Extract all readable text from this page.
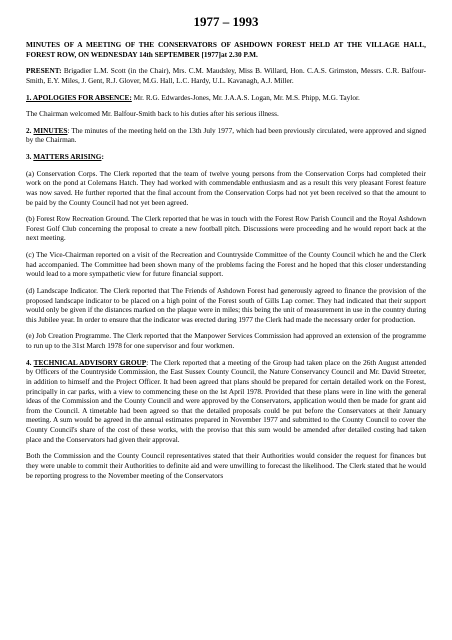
1977 – 1993

MINUTES OF A MEETING OF THE CONSERVATORS OF ASHDOWN FOREST HELD AT THE VILLAGE HALL, FOREST ROW, ON WEDNESDAY 14th SEPTEMBER [1977]at 2.30 P.M.

PRESENT: Brigadier L.M. Scott (in the Chair), Mrs. C.M. Maudsley, Miss B. Willard, Hon. C.A.S. Grimston, Messrs. C.R. Balfour-Smith, E.Y. Miles, J. Gent, R.J. Glover, M.G. Hall, L.C. Hardy, U.L. Kavanagh, A.J. Miller.

1. APOLOGIES FOR ABSENCE: Mr. R.G. Edwardes-Jones, Mr. J.A.A.S. Logan, Mr. M.S. Phipp, M.G. Taylor.

The Chairman welcomed Mr. Balfour-Smith back to his duties after his serious illness.

2. MINUTES: The minutes of the meeting held on the 13th July 1977, which had been previously circulated, were approved and signed by the Chairman.

3. MATTERS ARISING:

(a) Conservation Corps. The Clerk reported that the team of twelve young persons from the Conservation Corps had completed their work on the pond at Colemans Hatch. They had worked with commendable enthusiasm and as a result this very pleasant Forest feature was now saved. He further reported that the final account from the Conservation Corps had not yet been received so that the amount to be paid by the County Council had not yet been agreed.

(b) Forest Row Recreation Ground. The Clerk reported that he was in touch with the Forest Row Parish Council and the Royal Ashdown Forest Golf Club concerning the proposal to create a new football pitch. Discussions were proceeding and he would report back at the next meeting.

(c) The Vice-Chairman reported on a visit of the Recreation and Countryside Committee of the County Council which he and the Clerk had accompanied. The Committee had been shown many of the problems facing the Forest and he hoped that this closer understanding would lead to a more sympathetic view for future financial support.

(d) Landscape Indicator. The Clerk reported that The Friends of Ashdown Forest had generously agreed to finance the provision of the proposed landscape indicator to be placed on a high point of the Forest south of Gills Lap corner. They had indicated that their support would only be given if the distances marked on the plaque were in miles; this being the unit of measurement in use in the country during this Jubilee year. In order to ensure that the indicator was erected during 1977 the Clerk had made the necessary order for production.

(e) Job Creation Programme. The Clerk reported that the Manpower Services Commission had approved an extension of the programme to run up to the 31st March 1978 for one supervisor and four workmen.

4. TECHNICAL ADVISORY GROUP: The Clerk reported that a meeting of the Group had taken place on the 26th August attended by Officers of the Countryside Commission, the East Sussex County Council, the Nature Conservancy Council and Mr. David Streeter, in addition to himself and the Project Officer. It had been agreed that plans should be prepared for certain detailed work on the Forest, principally in car parks, with a view to commencing these on the lst April 1978. Provided that these plans were in line with the general ideas of the Commission and the County Council and were approved by the Conservators, application would then be made for grant aid from the Council. A timetable had been agreed so that the detailed proposals could be put before the Conservators at their January meeting. A sum would be agreed in the annual estimates prepared in November 1977 and submitted to the County Council to cover the County Council's share of the cost of these works, with the proviso that this sum would be amended after detailed costing had taken place and the Conservators had given their approval.

Both the Commission and the County Council representatives stated that their Authorities would consider the request for finances but they were unable to commit their Authorities to definite aid and were unwilling to forecast the likelihood. The Clerk stated that he would be reporting progress to the November meeting of the Conservators
